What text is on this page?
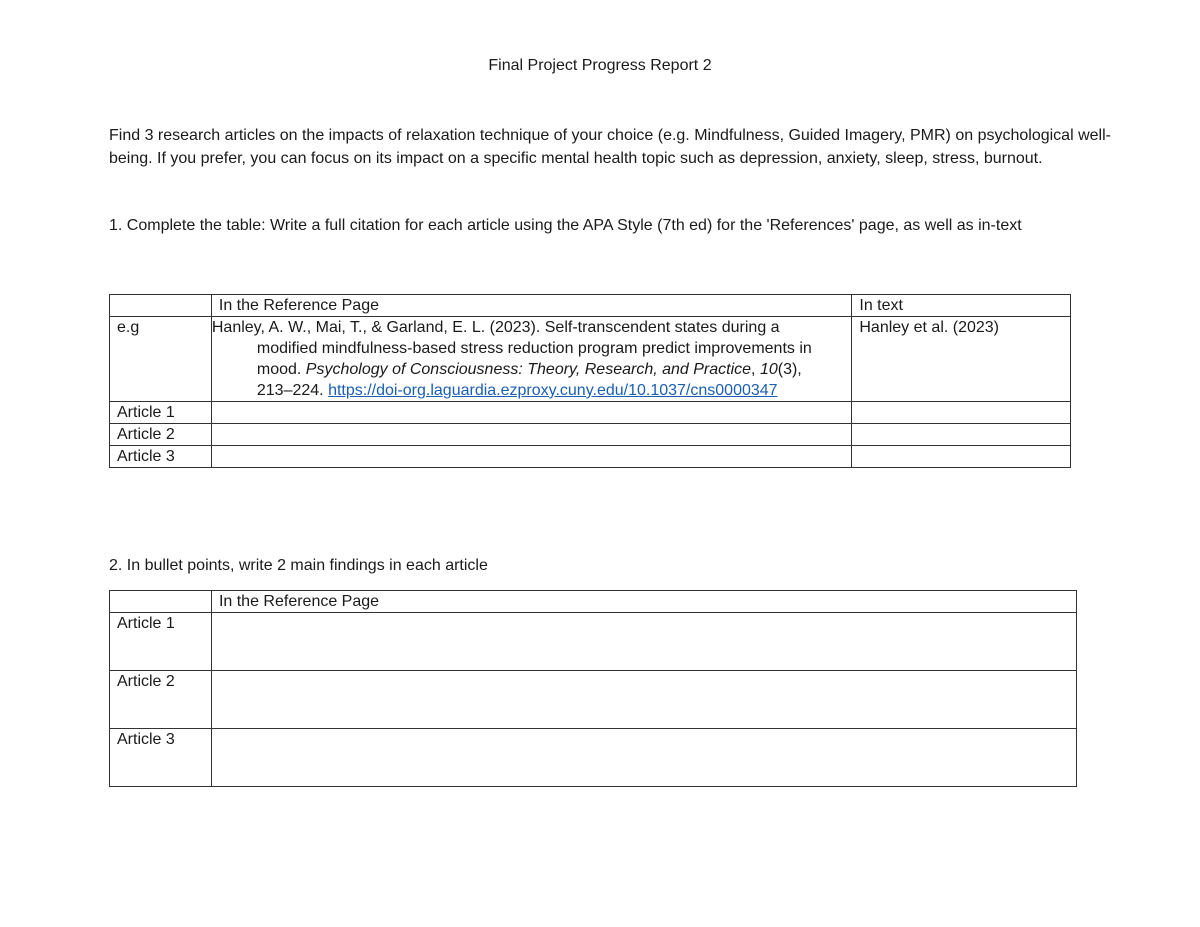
Final Project Progress Report 2
Find 3 research articles on the impacts of relaxation technique of your choice (e.g. Mindfulness, Guided Imagery, PMR) on psychological well-being. If you prefer, you can focus on its impact on a specific mental health topic such as depression, anxiety, sleep, stress, burnout.
1. Complete the table: Write a full citation for each article using the APA Style (7th ed) for the 'References' page, as well as in-text
	In the Reference Page	In text
e.g	Hanley, A. W., Mai, T., & Garland, E. L. (2023). Self-transcendent states during a modified mindfulness-based stress reduction program predict improvements in mood. Psychology of Consciousness: Theory, Research, and Practice, 10(3), 213–224. https://doi-org.laguardia.ezproxy.cuny.edu/10.1037/cns0000347	Hanley et al. (2023)
Article 1		
Article 2		
Article 3		
2. In bullet points, write 2 main findings in each article
	In the Reference Page
Article 1	
Article 2	
Article 3	
